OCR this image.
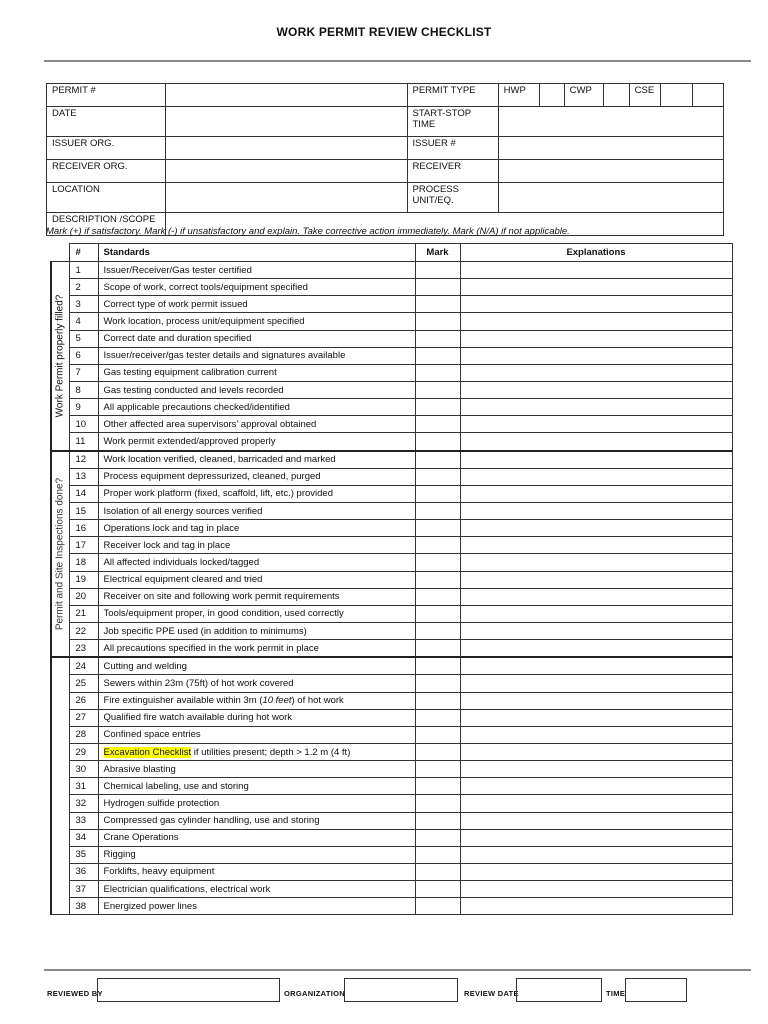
WORK PERMIT REVIEW CHECKLIST
PERMIT #		PERMIT TYPE	HWP		CWP		CSE		
DATE		START-STOP TIME							
ISSUER ORG.		ISSUER #							
RECEIVER ORG.		RECEIVER							
LOCATION		PROCESS UNIT/EQ.							
DESCRIPTION /SCOPE									
Mark (+) if satisfactory. Mark (-) if unsatisfactory and explain. Take corrective action immediately. Mark (N/A) if not applicable.
	#	Standards	Mark	Explanations

Work Permit properly filled?	1	Issuer/Receiver/Gas tester certified		
	2	Scope of work, correct tools/equipment specified		
	3	Correct type of work permit issued		
	4	Work location, process unit/equipment specified		
	5	Correct date and duration specified		
	6	Issuer/receiver/gas tester details and signatures available		
	7	Gas testing equipment calibration current		
	8	Gas testing conducted and levels recorded		
	9	All applicable precautions checked/identified		
	10	Other affected area supervisors’ approval obtained		
	11	Work permit extended/approved properly		

Permit and Site Inspections done?	12	Work location verified, cleaned, barricaded and marked		
	13	Process equipment depressurized, cleaned, purged		
	14	Proper work platform (fixed, scaffold, lift, etc.) provided		
	15	Isolation of all energy sources verified		
	16	Operations lock and tag in place		
	17	Receiver lock and tag in place		
	18	All affected individuals locked/tagged		
	19	Electrical equipment cleared and tried		
	20	Receiver on site and following work permit requirements		
	21	Tools/equipment proper, in good condition, used correctly		
	22	Job specific PPE used (in addition to minimums)		
	23	All precautions specified in the work permit in place		
	24	Cutting and welding		
	25	Sewers within 23m (75ft) of hot work covered		
	26	Fire extinguisher available within 3m (10 feet) of hot work		
	27	Qualified fire watch available during hot work		
	28	Confined space entries		
	29	Excavation Checklist if utilities present; depth > 1.2 m (4 ft)		
	30	Abrasive blasting		
	31	Chemical labeling, use and storing		
	32	Hydrogen sulfide protection		
	33	Compressed gas cylinder handling, use and storing		
	34	Crane Operations		
	35	Rigging		
	36	Forklifts, heavy equipment		
	37	Electrician qualifications, electrical work		
	38	Energized power lines		
REVIEWED BY	ORGANIZATION	REVIEW DATE	TIME
